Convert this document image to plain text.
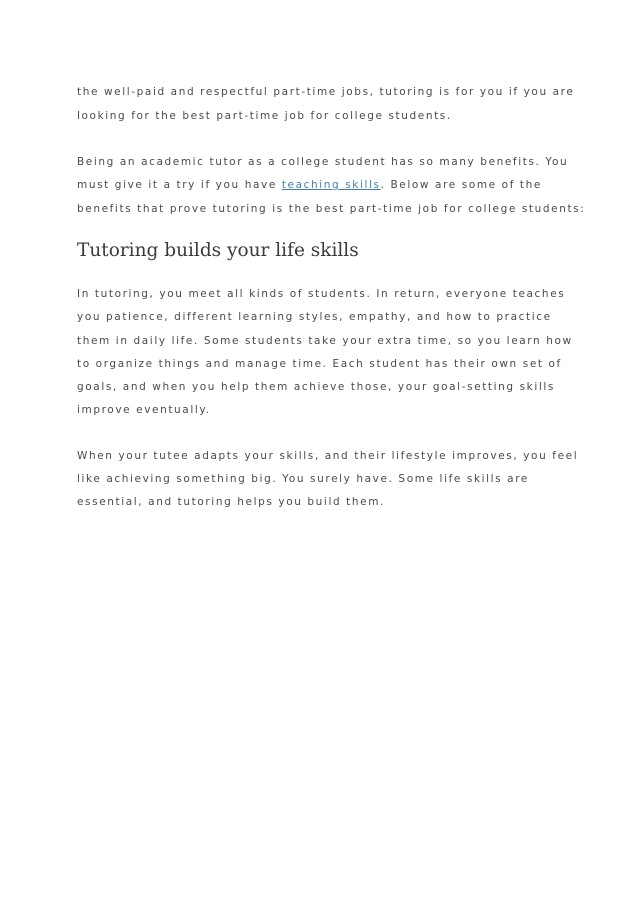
the well-paid and respectful part-time jobs, tutoring is for you if you are

looking for the best part-time job for college students.

Being an academic tutor as a college student has so many benefits. You

must give it a try if you have teaching skills. Below are some of the

benefits that prove tutoring is the best part-time job for college students:

Tutoring builds your life skills

In tutoring, you meet all kinds of students. In return, everyone teaches

you patience, different learning styles, empathy, and how to practice

them in daily life. Some students take your extra time, so you learn how

to organize things and manage time. Each student has their own set of

goals, and when you help them achieve those, your goal-setting skills

improve eventually.

When your tutee adapts your skills, and their lifestyle improves, you feel

like achieving something big. You surely have. Some life skills are

essential, and tutoring helps you build them.
